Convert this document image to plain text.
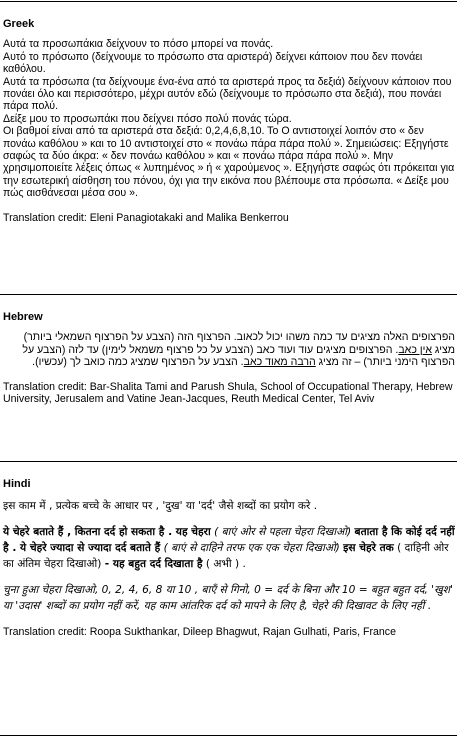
Greek

Αυτά τα προσωπάκια δείχνουν το πόσο μπορεί να πονάς.

Αυτό το πρόσωπο (δείχνουμε το πρόσωπο στα αριστερά) δείχνει κάποιον που δεν πονάει καθόλου.

Αυτά τα πρόσωπα (τα δείχνουμε ένα-ένα από τα αριστερά προς τα δεξιά) δείχνουν κάποιον που πονάει όλο και περισσότερο, μέχρι αυτόν εδώ (δείχνουμε το πρόσωπο στα δεξιά), που πονάει πάρα πολύ.

Δείξε μου το προσωπάκι που δείχνει πόσο πολύ πονάς τώρα.

Οι βαθμοί είναι από τα αριστερά στα δεξιά: 0,2,4,6,8,10. Το Ο αντιστοιχεί λοιπόν στο « δεν πονάω καθόλου » και το 10 αντιστοιχεί στο « πονάω πάρα πάρα πολύ ». Σημειώσεις: Εξηγήστε σαφώς τα δύο άκρα: « δεν πονάω καθόλου » και « πονάω πάρα πάρα πολύ ». Μην χρησιμοποιείτε λέξεις όπως « λυπημένος » ή « χαρούμενος ». Εξηγήστε σαφώς ότι πρόκειται για την εσωτερική αίσθηση του πόνου, όχι για την εικόνα που βλέπουμε στα πρόσωπα. « Δείξε μου πώς αισθάνεσαι μέσα σου ».

Translation credit: Eleni Panagiotakaki and Malika Benkerrou

Hebrew

הפרצופים האלה מציגים עד כמה משהו יכול לכאוב. הפרצוף הזה (הצבע על הפרצוף השמאלי ביותר) מציג אין כאב. הפרצופים מציגים עוד ועוד כאב (הצבע על כל פרצוף משמאל לימין) עד לזה (הצבע על הפרצוף הימני ביותר) – זה מציג הרבה מאוד כאב. הצבע על הפרצוף שמציג כמה כואב לך (עכשיו).

Translation credit: Bar-Shalita Tami and Parush Shula, School of Occupational Therapy, Hebrew University, Jerusalem and Vatine Jean-Jacques, Reuth Medical Center, Tel Aviv

Hindi

इस काम में , प्रत्येक बच्चे के आधार पर , 'दुख' या 'दर्द' जैसे शब्दों का प्रयोग करे .

ये चेहरे बताते हैं , कितना दर्द हो सकता है . यह चेहरा ( बाएं ओर से पहला चेहरा दिखाओ) बताता है कि कोई दर्द नहीं है . ये चेहरे ज्यादा से ज्यादा दर्द बताते हैं ( बाएं से दाहिने तरफ एक एक चेहरा दिखाओ) इस चेहरे तक ( दाहिनी ओर का अंतिम चेहरा दिखाओ) - यह बहुत दर्द दिखाता है ( अभी ) .

चुना हुआ चेहरा दिखाओ, 0, 2, 4, 6, 8 या 10 , बाएँ से गिनो, 0 = दर्द के बिना और 10 = बहुत बहुत दर्द, 'खुश' या 'उदास' शब्दों का प्रयोग नहीं करें, यह काम आंतरिक दर्द को मापने के लिए है, चेहरे की दिखावट के लिए नहीं .

Translation credit: Roopa Sukthankar, Dileep Bhagwut, Rajan Gulhati, Paris, France
